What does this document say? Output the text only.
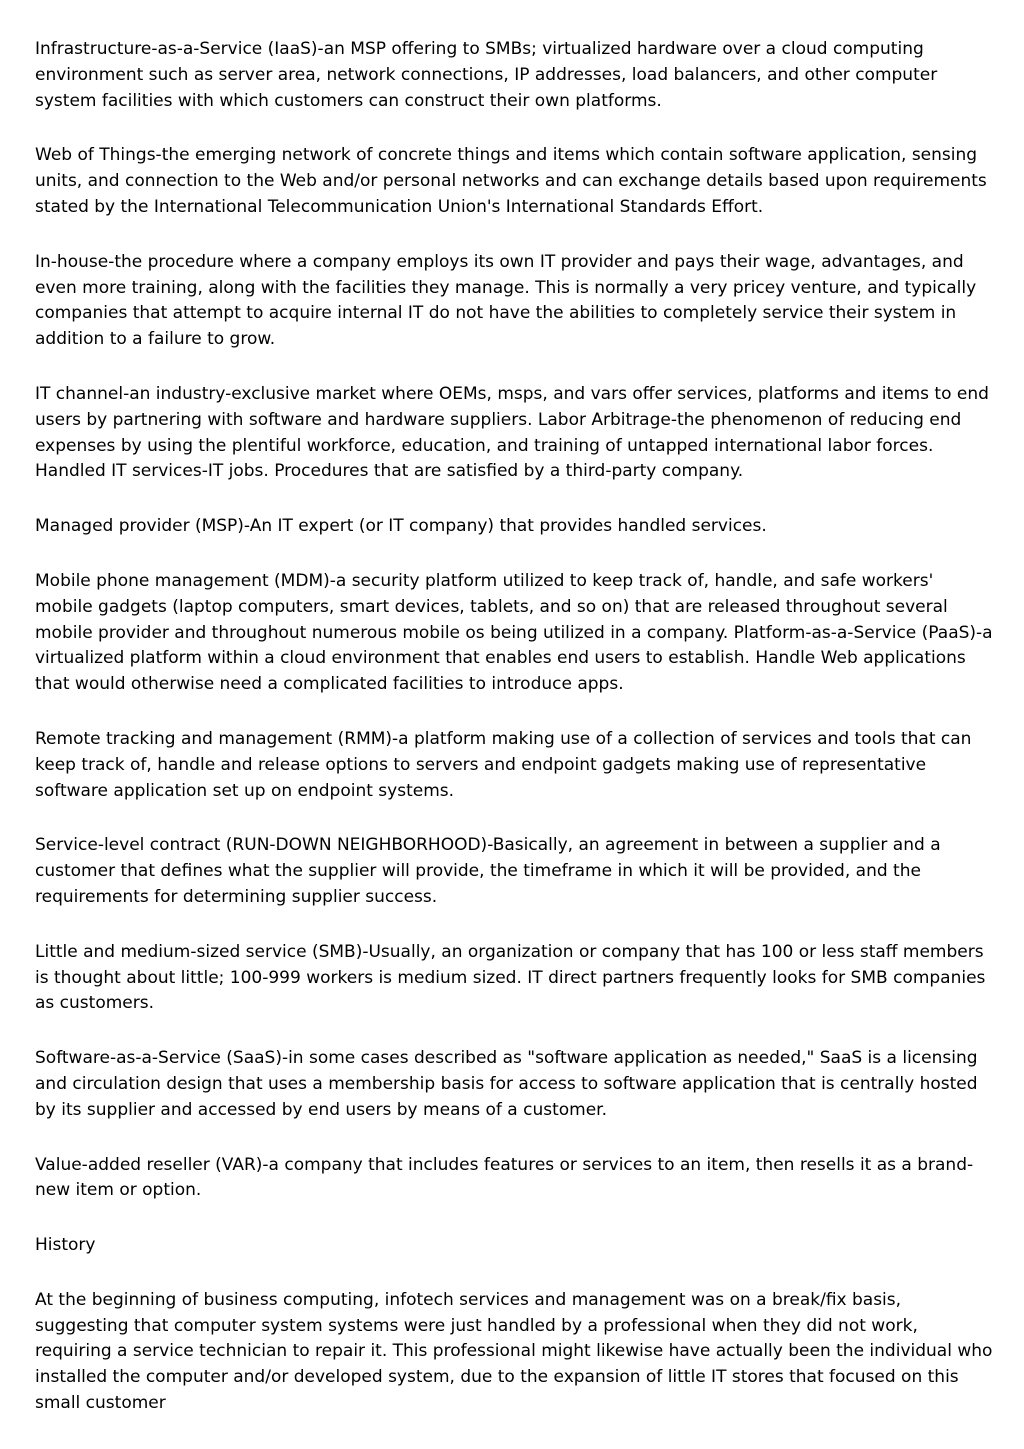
Infrastructure-as-a-Service (IaaS)-an MSP offering to SMBs; virtualized hardware over a cloud computing environment such as server area, network connections, IP addresses, load balancers, and other computer system facilities with which customers can construct their own platforms.

Web of Things-the emerging network of concrete things and items which contain software application, sensing units, and connection to the Web and/or personal networks and can exchange details based upon requirements stated by the International Telecommunication Union's International Standards Effort.

In-house-the procedure where a company employs its own IT provider and pays their wage, advantages, and even more training, along with the facilities they manage. This is normally a very pricey venture, and typically companies that attempt to acquire internal IT do not have the abilities to completely service their system in addition to a failure to grow.

IT channel-an industry-exclusive market where OEMs, msps, and vars offer services, platforms and items to end users by partnering with software and hardware suppliers. Labor Arbitrage-the phenomenon of reducing end expenses by using the plentiful workforce, education, and training of untapped international labor forces. Handled IT services-IT jobs. Procedures that are satisfied by a third-party company.

Managed provider (MSP)-An IT expert (or IT company) that provides handled services.

Mobile phone management (MDM)-a security platform utilized to keep track of, handle, and safe workers' mobile gadgets (laptop computers, smart devices, tablets, and so on) that are released throughout several mobile provider and throughout numerous mobile os being utilized in a company. Platform-as-a-Service (PaaS)-a virtualized platform within a cloud environment that enables end users to establish. Handle Web applications that would otherwise need a complicated facilities to introduce apps.

Remote tracking and management (RMM)-a platform making use of a collection of services and tools that can keep track of, handle and release options to servers and endpoint gadgets making use of representative software application set up on endpoint systems.

Service-level contract (RUN-DOWN NEIGHBORHOOD)-Basically, an agreement in between a supplier and a customer that defines what the supplier will provide, the timeframe in which it will be provided, and the requirements for determining supplier success.

Little and medium-sized service (SMB)-Usually, an organization or company that has 100 or less staff members is thought about little; 100-999 workers is medium sized. IT direct partners frequently looks for SMB companies as customers.

Software-as-a-Service (SaaS)-in some cases described as "software application as needed," SaaS is a licensing and circulation design that uses a membership basis for access to software application that is centrally hosted by its supplier and accessed by end users by means of a customer.

Value-added reseller (VAR)-a company that includes features or services to an item, then resells it as a brand-new item or option.

History

At the beginning of business computing, infotech services and management was on a break/fix basis, suggesting that computer system systems were just handled by a professional when they did not work, requiring a service technician to repair it. This professional might likewise have actually been the individual who installed the computer and/or developed system, due to the expansion of little IT stores that focused on this small customer
